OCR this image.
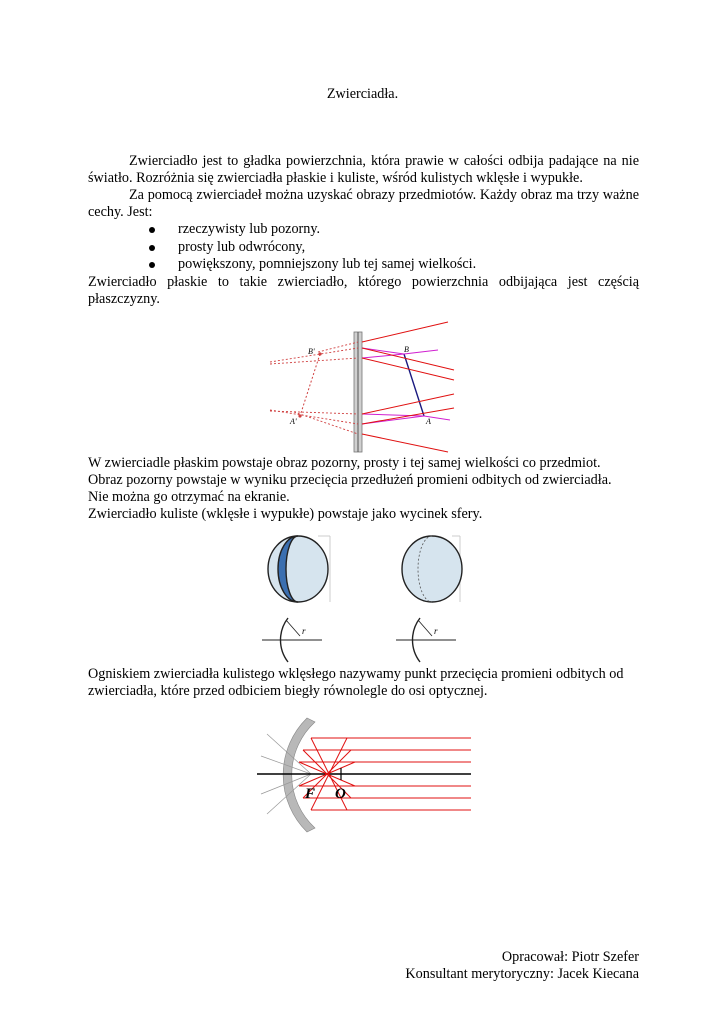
Zwierciadła.

Zwierciadło jest to gładka powierzchnia, która prawie w całości odbija padające na nie światło. Rozróżnia się zwierciadła płaskie i kuliste, wśród kulistych wklęsłe i wypukłe.

Za pomocą zwierciadeł można uzyskać obrazy przedmiotów. Każdy obraz ma trzy ważne cechy. Jest:

rzeczywisty lub pozorny.
prosty lub odwrócony,
powiększony, pomniejszony lub tej samej wielkości.

Zwierciadło płaskie to takie zwierciadło, którego powierzchnia odbijająca jest częścią płaszczyzny.

B'
A'
B
A

W zwierciadle płaskim powstaje obraz pozorny, prosty i tej samej wielkości co przedmiot.

Obraz pozorny powstaje w wyniku przecięcia przedłużeń promieni odbitych od zwierciadła.

Nie można go otrzymać na ekranie.

Zwierciadło kuliste (wklęsłe i wypukłe) powstaje jako wycinek sfery.

r	r

Ogniskiem zwierciadła kulistego wklęsłego nazywamy punkt przecięcia promieni odbitych od zwierciadła, które przed odbiciem biegły równolegle do osi optycznej.

F O
Opracował: Piotr Szefer
Konsultant merytoryczny: Jacek Kiecana
